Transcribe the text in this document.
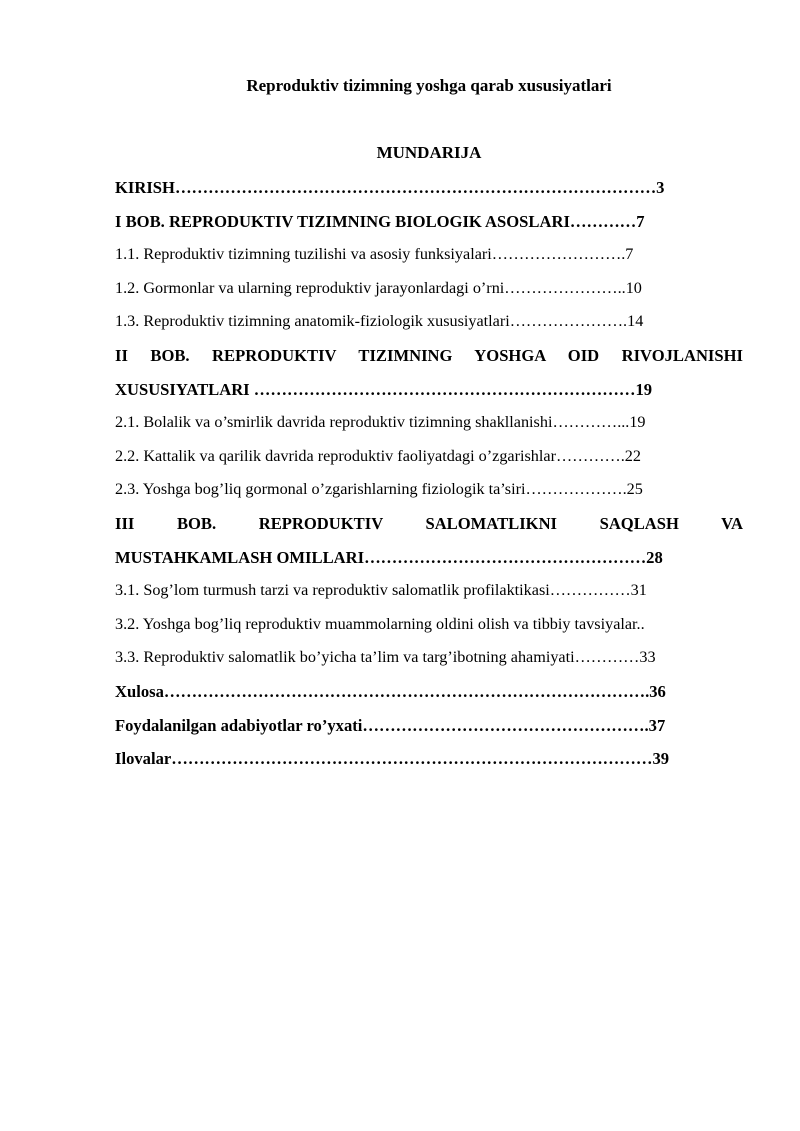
Reproduktiv tizimning yoshga qarab xususiyatlari
MUNDARIJA
KIRISH……………………………………………………………………………3
I BOB. REPRODUKTIV TIZIMNING BIOLOGIK ASOSLARI…………7
1.1. Reproduktiv tizimning tuzilishi va asosiy funksiyalari…………………….7
1.2. Gormonlar va ularning reproduktiv jarayonlardagi o’rni…………………..10
1.3. Reproduktiv tizimning anatomik-fiziologik xususiyatlari………………….14
II BOB. REPRODUKTIV TIZIMNING YOSHGA OID RIVOJLANISHI
XUSUSIYATLARI ……………………………………………………………19
2.1. Bolalik va o’smirlik davrida reproduktiv tizimning shakllanishi…………...19
2.2. Kattalik va qarilik davrida reproduktiv faoliyatdagi o’zgarishlar………….22
2.3. Yoshga bog’liq gormonal o’zgarishlarning fiziologik ta’siri……………….25
III BOB. REPRODUKTIV SALOMATLIKNI SAQLASH VA
MUSTAHKAMLASH OMILLARI……………………………………………28
3.1. Sog’lom turmush tarzi va reproduktiv salomatlik profilaktikasi……………31
3.2. Yoshga bog’liq reproduktiv muammolarning oldini olish va tibbiy tavsiyalar..
3.3. Reproduktiv salomatlik bo’yicha ta’lim va targ’ibotning ahamiyati…………33
Xulosa…………………………………………………………………………….36
Foydalanilgan adabiyotlar ro’yxati…………………………………………….37
Ilovalar……………………………………………………………………………39
